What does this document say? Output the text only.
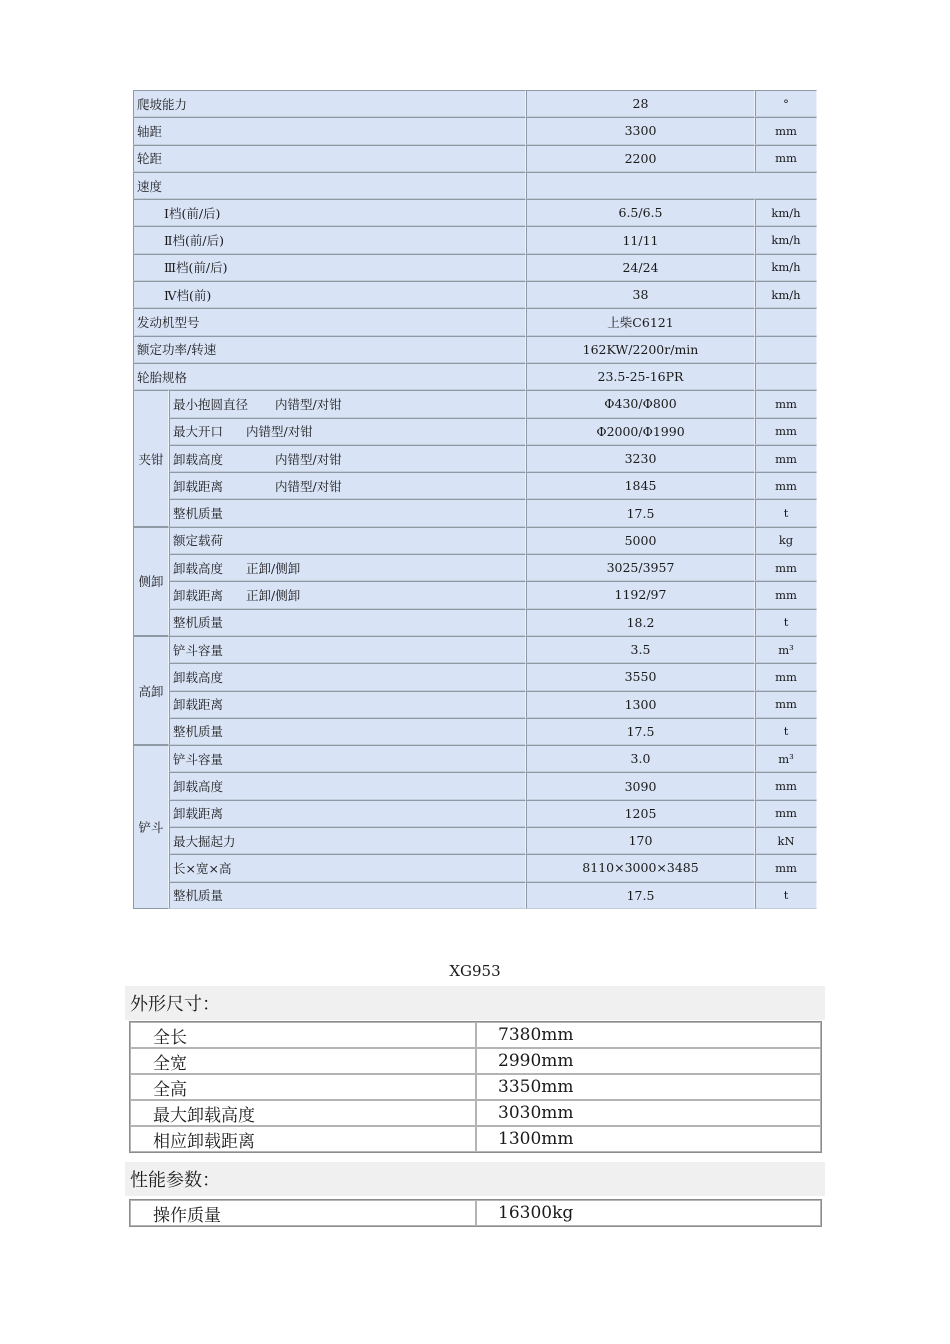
爬坡能力	28	°
轴距	3300	mm
轮距	2200	mm
速度
Ⅰ档(前/后)	6.5/6.5	km/h
Ⅱ档(前/后)	11/11	km/h
Ⅲ档(前/后)	24/24	km/h
Ⅳ档(前)	38	km/h
发动机型号	上柴C6121
额定功率/转速	162KW/2200r/min
轮胎规格	23.5-25-16PR
夹钳
最小抱圆直径	内错型/对钳	Φ430/Φ800	mm
最大开口	内错型/对钳	Φ2000/Φ1990	mm
卸载高度	内错型/对钳	3230	mm
卸载距离	内错型/对钳	1845	mm
整机质量	17.5	t
侧卸
额定载荷	5000	kg
卸载高度	正卸/侧卸	3025/3957	mm
卸载距离	正卸/侧卸	1192/97	mm
整机质量	18.2	t
高卸
铲斗容量	3.5	m³
卸载高度	3550	mm
卸载距离	1300	mm
整机质量	17.5	t
铲斗
铲斗容量	3.0	m³
卸载高度	3090	mm
卸载距离	1205	mm
最大掘起力	170	kN
长×宽×高	8110×3000×3485	mm
整机质量	17.5	t
XG953
外形尺寸：
全长	7380mm
全宽	2990mm
全高	3350mm
最大卸载高度	3030mm
相应卸载距离	1300mm
性能参数：
操作质量	16300kg
